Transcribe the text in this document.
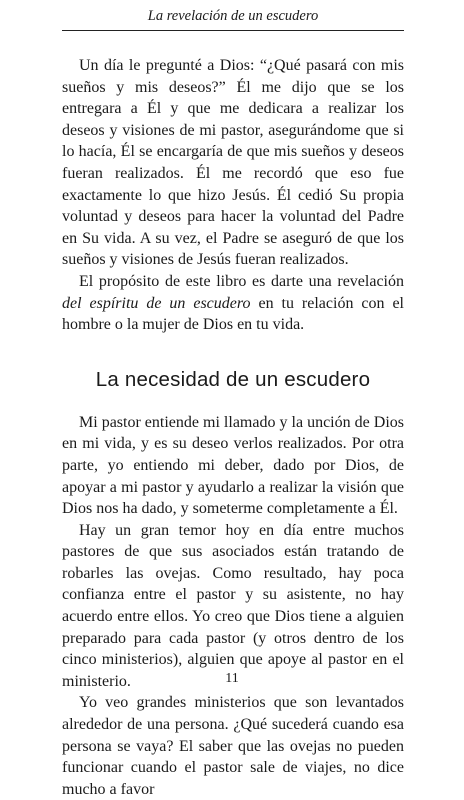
La revelación de un escudero

Un día le pregunté a Dios: “¿Qué pasará con mis sueños y mis deseos?” Él me dijo que se los entregara a Él y que me dedicara a realizar los deseos y visiones de mi pastor, asegurándome que si lo hacía, Él se encargaría de que mis sueños y deseos fueran realizados. Él me recordó que eso fue exactamente lo que hizo Jesús. Él cedió Su propia voluntad y deseos para hacer la voluntad del Padre en Su vida. A su vez, el Padre se aseguró de que los sueños y visiones de Jesús fueran realizados.

El propósito de este libro es darte una revelación del espíritu de un escudero en tu relación con el hombre o la mujer de Dios en tu vida.

La necesidad de un escudero

Mi pastor entiende mi llamado y la unción de Dios en mi vida, y es su deseo verlos realizados. Por otra parte, yo entiendo mi deber, dado por Dios, de apoyar a mi pastor y ayudarlo a realizar la visión que Dios nos ha dado, y someterme completamente a Él.

Hay un gran temor hoy en día entre muchos pastores de que sus asociados están tratando de robarles las ovejas. Como resultado, hay poca confianza entre el pastor y su asistente, no hay acuerdo entre ellos. Yo creo que Dios tiene a alguien preparado para cada pastor (y otros dentro de los cinco ministerios), alguien que apoye al pastor en el ministerio.

Yo veo grandes ministerios que son levantados alrededor de una persona. ¿Qué sucederá cuando esa persona se vaya? El saber que las ovejas no pueden funcionar cuando el pastor sale de viajes, no dice mucho a favor

11
